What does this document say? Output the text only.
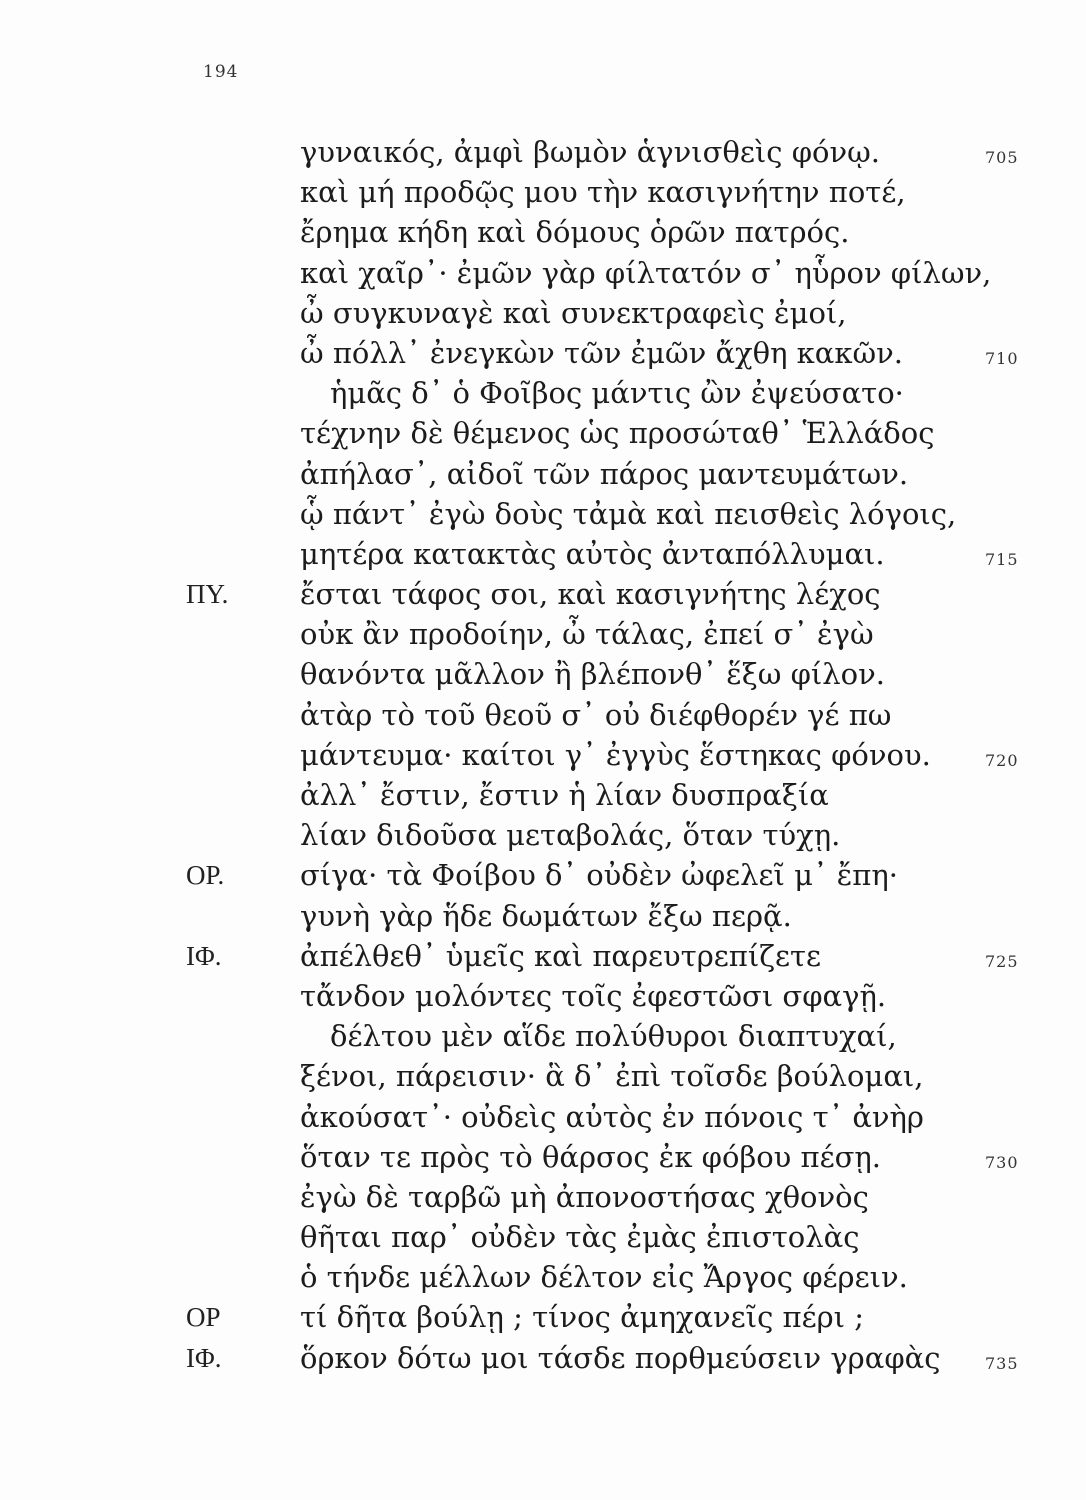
194
γυναικός, ἀμφὶ βωμὸν ἁγνισθεὶς φόνῳ.	705
καὶ μή προδῷς μου τὴν κασιγνήτην ποτέ,
ἔρημα κήδη καὶ δόμους ὁρῶν πατρός.
καὶ χαῖρ᾽· ἐμῶν γὰρ φίλτατόν σ᾽ ηὗρον φίλων,
ὦ συγκυναγὲ καὶ συνεκτραφεὶς ἐμοί,
ὦ πόλλ᾽ ἐνεγκὼν τῶν ἐμῶν ἄχθη κακῶν.	710
ἡμᾶς δ᾽ ὁ Φοῖβος μάντις ὢν ἐψεύσατο·
τέχνην δὲ θέμενος ὡς προσώταθ᾽ Ἑλλάδος
ἀπήλασ᾽, αἰδοῖ τῶν πάρος μαντευμάτων.
ᾧ πάντ᾽ ἐγὼ δοὺς τἀμὰ καὶ πεισθεὶς λόγοις,
μητέρα κατακτὰς αὐτὸς ἀνταπόλλυμαι.	715
ΠΥ. ἔσται τάφος σοι, καὶ κασιγνήτης λέχος
οὐκ ἂν προδοίην, ὦ τάλας, ἐπεί σ᾽ ἐγὼ
θανόντα μᾶλλον ἢ βλέπονθ᾽ ἕξω φίλον.
ἀτὰρ τὸ τοῦ θεοῦ σ᾽ οὐ διέφθορέν γέ πω
μάντευμα· καίτοι γ᾽ ἐγγὺς ἕστηκας φόνου.	720
ἀλλ᾽ ἔστιν, ἔστιν ἡ λίαν δυσπραξία
λίαν διδοῦσα μεταβολάς, ὅταν τύχῃ.
ΟΡ.	σίγα· τὰ Φοίβου δ᾽ οὐδὲν ὠφελεῖ μ᾽ ἔπη·
γυνὴ γὰρ ἥδε δωμάτων ἔξω περᾷ.
ΙΦ.	ἀπέλθεθ᾽ ὑμεῖς καὶ παρευτρεπίζετε	725
τἄνδον μολόντες τοῖς ἐφεστῶσι σφαγῇ.
δέλτου μὲν αἵδε πολύθυροι διαπτυχαί,
ξένοι, πάρεισιν· ἃ δ᾽ ἐπὶ τοῖσδε βούλομαι,
ἀκούσατ᾽· οὐδεὶς αὐτὸς ἐν πόνοις τ᾽ ἀνὴρ
ὅταν τε πρὸς τὸ θάρσος ἐκ φόβου πέσῃ.	730
ἐγὼ δὲ ταρβῶ μὴ ἀπονοστήσας χθονὸς
θῆται παρ᾽ οὐδὲν τὰς ἐμὰς ἐπιστολὰς
ὁ τήνδε μέλλων δέλτον εἰς Ἄργος φέρειν.
ΟΡ	τί δῆτα βούλῃ ; τίνος ἀμηχανεῖς πέρι ;
ΙΦ.	ὅρκον δότω μοι τάσδε πορθμεύσειν γραφὰς	735
